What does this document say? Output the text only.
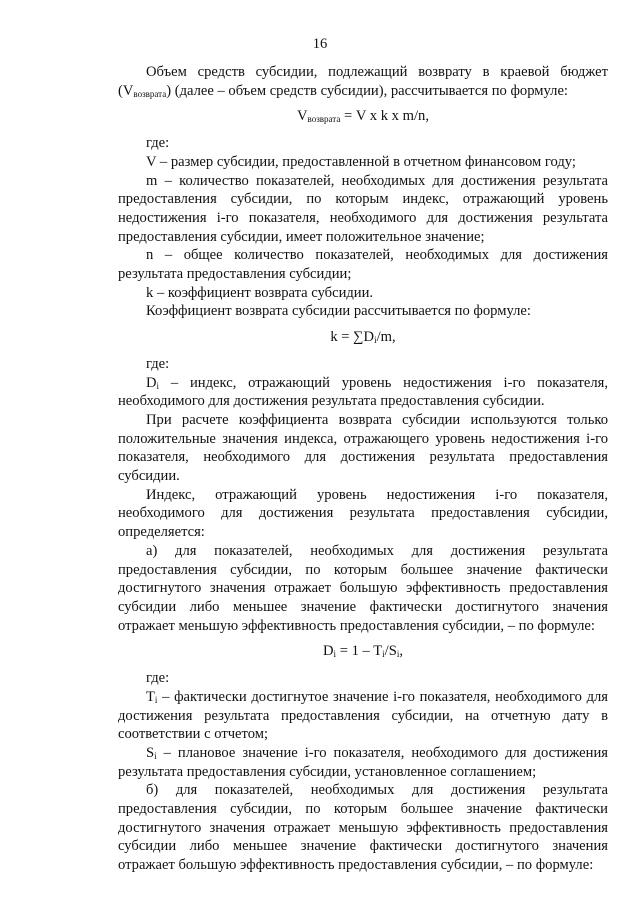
16

Объем средств субсидии, подлежащий возврату в краевой бюджет $(V_{возврата})$ (далее – объем средств субсидии), рассчитывается по формуле:

$V_{возврата} = V$ x k x m/n,

где:

V – размер субсидии, предоставленной в отчетном финансовом году;

m – количество показателей, необходимых для достижения результата предоставления субсидии, по которым индекс, отражающий уровень недостижения i-го показателя, необходимого для достижения результата предоставления субсидии, имеет положительное значение;

n – общее количество показателей, необходимых для достижения результата предоставления субсидии;

k – коэффициент возврата субсидии.

Коэффициент возврата субсидии рассчитывается по формуле:

$k = \sum D_i/m$,

где:

$D_i$ – индекс, отражающий уровень недостижения i-го показателя, необходимого для достижения результата предоставления субсидии.

При расчете коэффициента возврата субсидии используются только положительные значения индекса, отражающего уровень недостижения i-го показателя, необходимого для достижения результата предоставления субсидии.

Индекс, отражающий уровень недостижения i-го показателя, необходимого для достижения результата предоставления субсидии, определяется:

а) для показателей, необходимых для достижения результата предоставления субсидии, по которым большее значение фактически достигнутого значения отражает большую эффективность предоставления субсидии либо меньшее значение фактически достигнутого значения отражает меньшую эффективность предоставления субсидии, – по формуле:

$D_i = 1 - T_i/S_i$,

где:

$T_i$ – фактически достигнутое значение i-го показателя, необходимого для достижения результата предоставления субсидии, на отчетную дату в соответствии с отчетом;

$S_i$ – плановое значение i-го показателя, необходимого для достижения результата предоставления субсидии, установленное соглашением;

б) для показателей, необходимых для достижения результата предоставления субсидии, по которым большее значение фактически достигнутого значения отражает меньшую эффективность предоставления субсидии либо меньшее значение фактически достигнутого значения отражает большую эффективность предоставления субсидии, – по формуле:
